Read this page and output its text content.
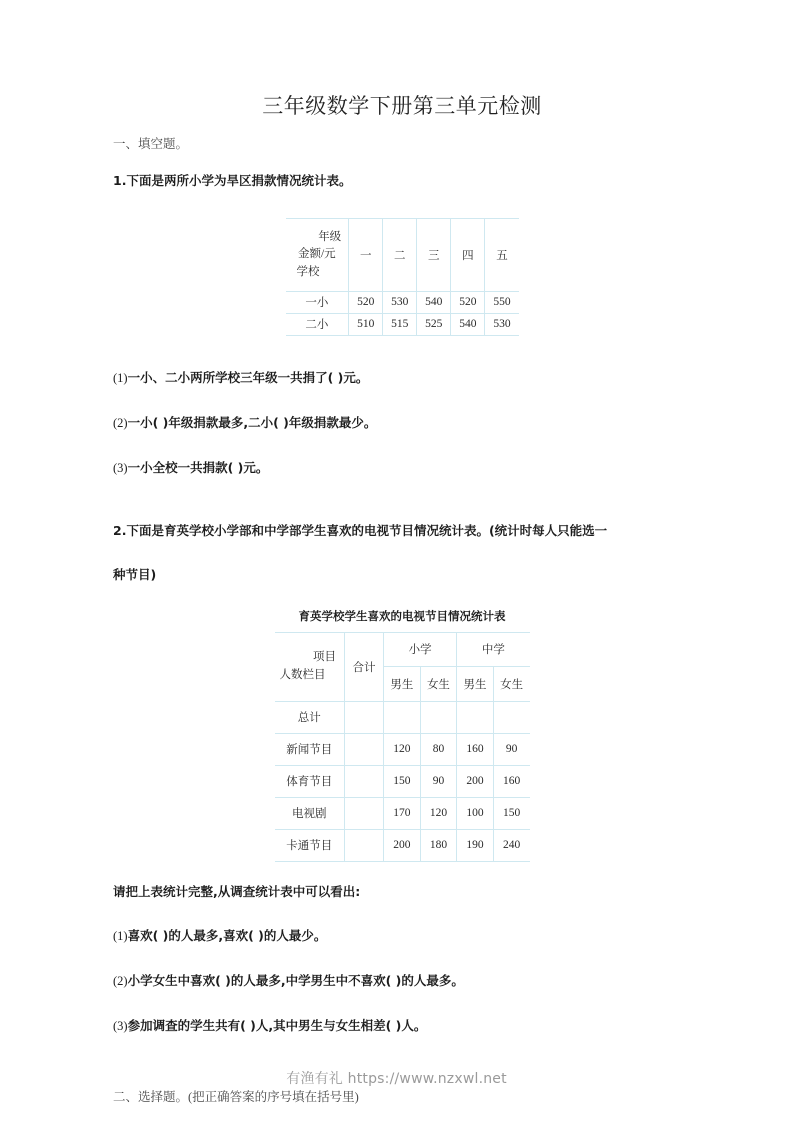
三年级数学下册第三单元检测
一、填空题。
1.下面是两所小学为旱区捐款情况统计表。
年级
金额/元
学校	一	二	三	四	五
一小	520	530	540	520	550
二小	510	515	525	540	530
(1)一小、二小两所学校三年级一共捐了( )元。
(2)一小( )年级捐款最多,二小( )年级捐款最少。
(3)一小全校一共捐款( )元。
2.下面是育英学校小学部和中学部学生喜欢的电视节目情况统计表。(统计时每人只能选一
种节目)
育英学校学生喜欢的电视节目情况统计表
项目
人数栏目	合计	小学		中学	
		男生	女生	男生	女生
总计					
新闻节目		120	80	160	90
体育节目		150	90	200	160
电视剧		170	120	100	150
卡通节目		200	180	190	240
请把上表统计完整,从调查统计表中可以看出:
(1)喜欢( )的人最多,喜欢( )的人最少。
(2)小学女生中喜欢( )的人最多,中学男生中不喜欢( )的人最多。
(3)参加调查的学生共有( )人,其中男生与女生相差( )人。
二、选择题。(把正确答案的序号填在括号里)
有渔有礼 https://www.nzxwl.net
